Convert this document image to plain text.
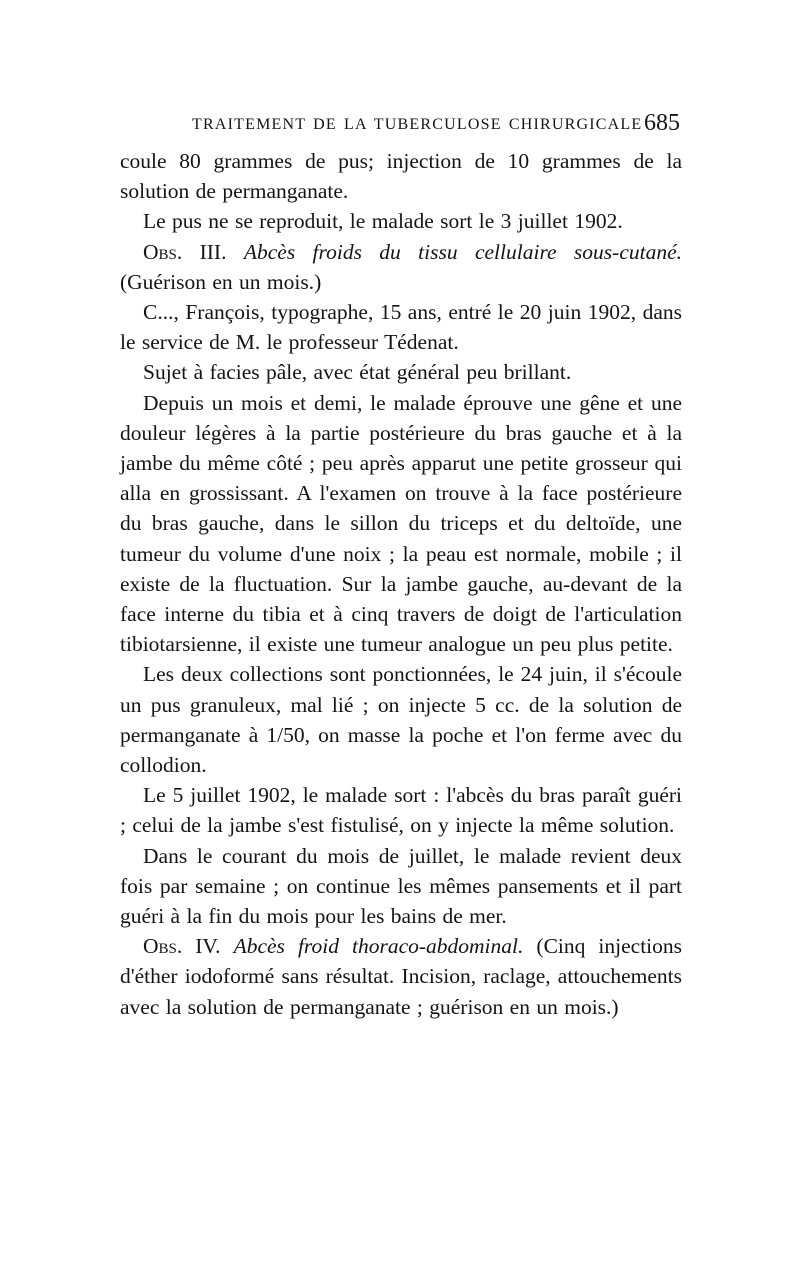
TRAITEMENT DE LA TUBERCULOSE CHIRURGICALE 685

coule 80 grammes de pus; injection de 10 grammes de la solution de permanganate.

Le pus ne se reproduit, le malade sort le 3 juillet 1902.

Obs. III. Abcès froids du tissu cellulaire sous-cutané. (Guérison en un mois.)

C..., François, typographe, 15 ans, entré le 20 juin 1902, dans le service de M. le professeur Tédenat.

Sujet à facies pâle, avec état général peu brillant.

Depuis un mois et demi, le malade éprouve une gêne et une douleur légères à la partie postérieure du bras gauche et à la jambe du même côté ; peu après apparut une petite grosseur qui alla en grossissant. A l'examen on trouve à la face postérieure du bras gauche, dans le sillon du triceps et du deltoïde, une tumeur du volume d'une noix ; la peau est normale, mobile ; il existe de la fluctuation. Sur la jambe gauche, au-devant de la face interne du tibia et à cinq travers de doigt de l'articulation tibiotarsienne, il existe une tumeur analogue un peu plus petite.

Les deux collections sont ponctionnées, le 24 juin, il s'écoule un pus granuleux, mal lié ; on injecte 5 cc. de la solution de permanganate à 1/50, on masse la poche et l'on ferme avec du collodion.

Le 5 juillet 1902, le malade sort : l'abcès du bras paraît guéri ; celui de la jambe s'est fistulisé, on y injecte la même solution.

Dans le courant du mois de juillet, le malade revient deux fois par semaine ; on continue les mêmes pansements et il part guéri à la fin du mois pour les bains de mer.

Obs. IV. Abcès froid thoraco-abdominal. (Cinq injections d'éther iodoformé sans résultat. Incision, raclage, attouchements avec la solution de permanganate ; guérison en un mois.)
